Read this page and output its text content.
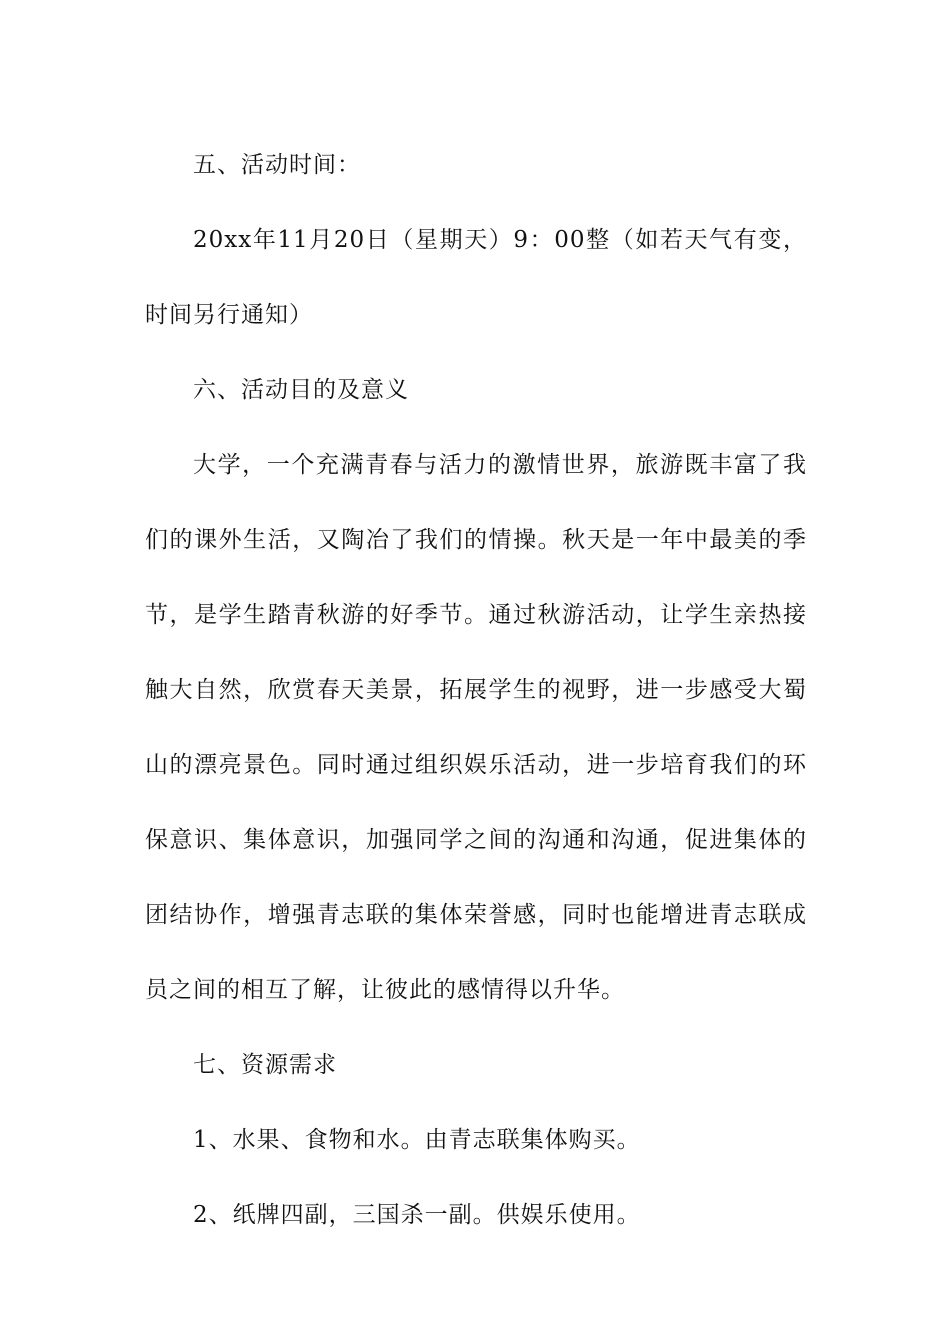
五、活动时间：

20xx年11月20日（星期天）9：00整（如若天气有变，时间另行通知）

六、活动目的及意义

大学，一个充满青春与活力的激情世界，旅游既丰富了我们的课外生活，又陶冶了我们的情操。秋天是一年中最美的季节，是学生踏青秋游的好季节。通过秋游活动，让学生亲热接触大自然，欣赏春天美景，拓展学生的视野，进一步感受大蜀山的漂亮景色。同时通过组织娱乐活动，进一步培育我们的环保意识、集体意识，加强同学之间的沟通和沟通，促进集体的团结协作，增强青志联的集体荣誉感，同时也能增进青志联成员之间的相互了解，让彼此的感情得以升华。

七、资源需求

1、水果、食物和水。由青志联集体购买。

2、纸牌四副，三国杀一副。供娱乐使用。
